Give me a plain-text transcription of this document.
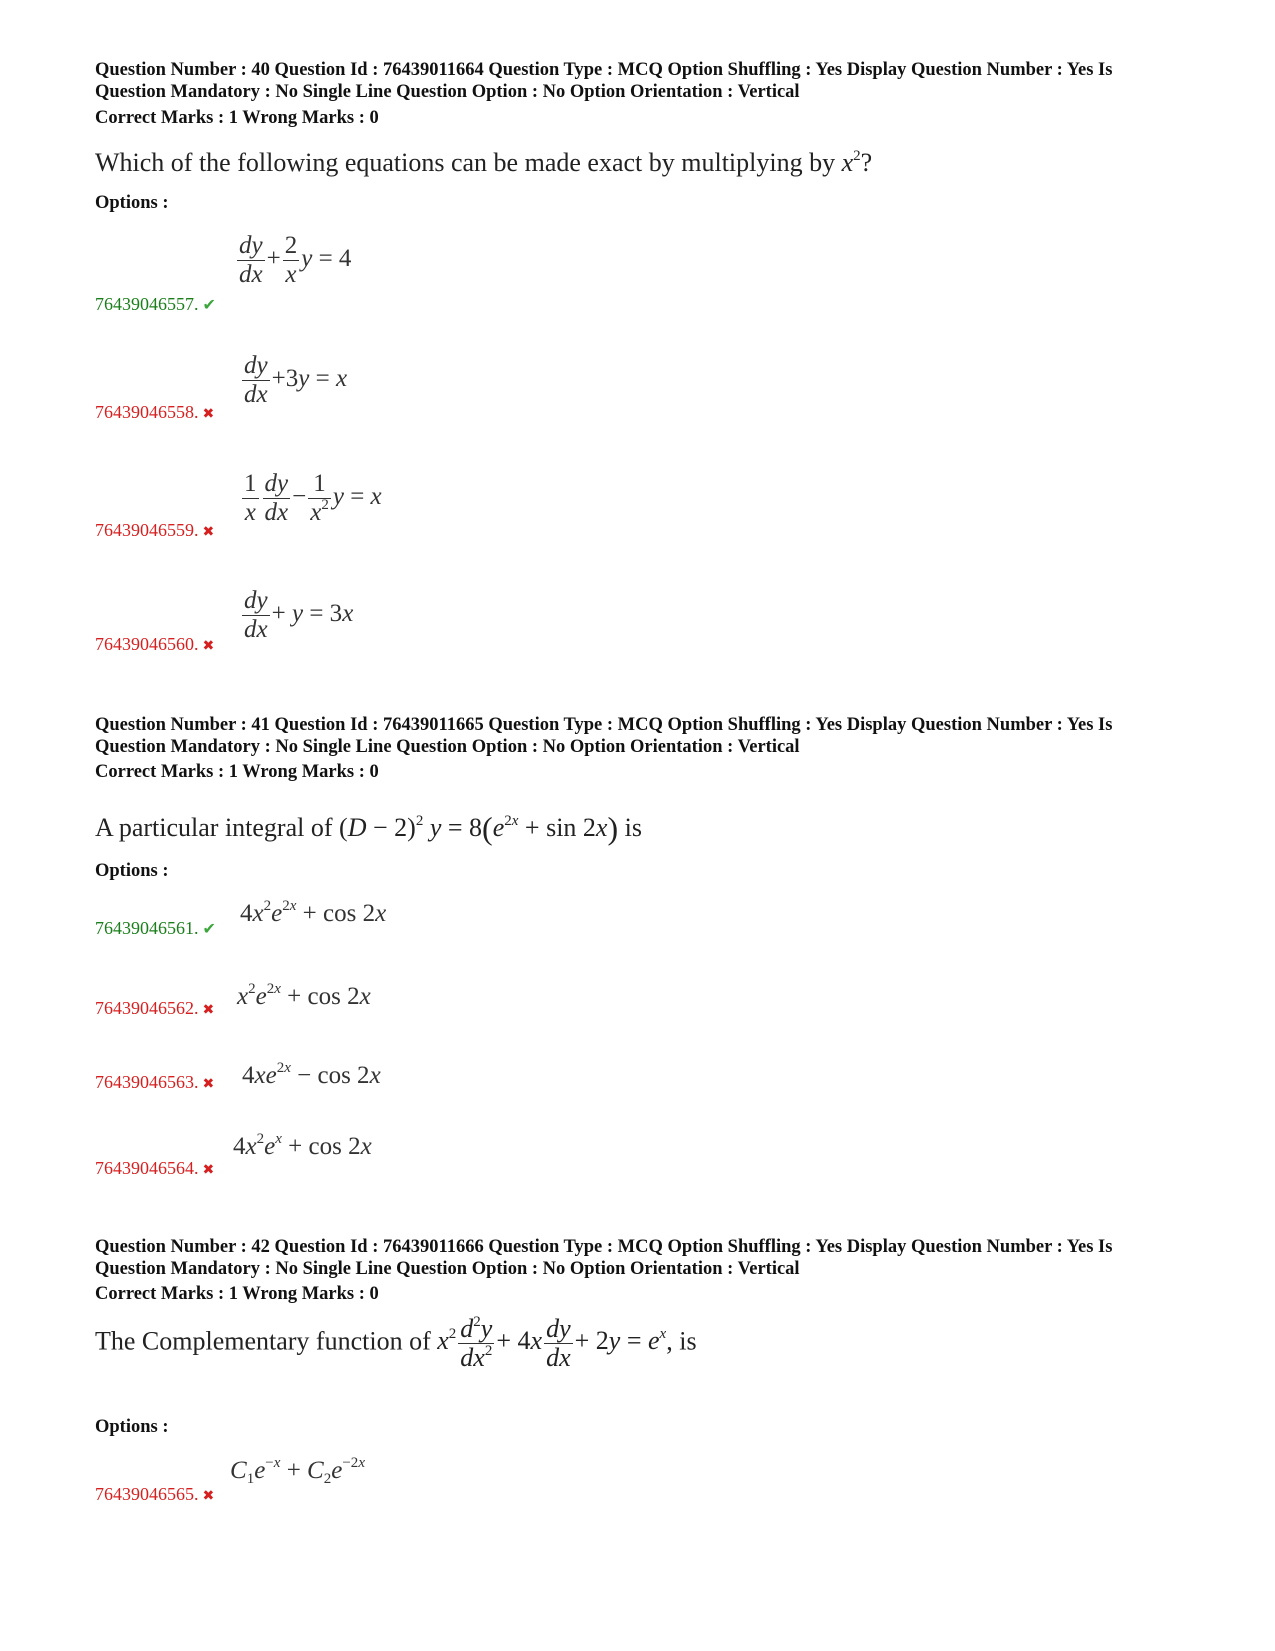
Question Number : 40 Question Id : 76439011664 Question Type : MCQ Option Shuffling : Yes Display Question Number : Yes Is
Question Mandatory : No Single Line Question Option : No Option Orientation : Vertical
Correct Marks : 1 Wrong Marks : 0
Which of the following equations can be made exact by multiplying by $x^2$?
Options :
$\frac{dy}{dx} + \frac{2}{x}$ y = 4
76439046557. ✔
$\frac{dy}{dx} +3y = x$
76439046558. ✖
$\frac{1}{x} \frac{dy}{dx} - \frac{1}{x^2}$ y = x
76439046559. ✖
$\frac{dy}{dx} + y = 3x$
76439046560. ✖
Question Number : 41 Question Id : 76439011665 Question Type : MCQ Option Shuffling : Yes Display Question Number : Yes Is
Question Mandatory : No Single Line Question Option : No Option Orientation : Vertical
Correct Marks : 1 Wrong Marks : 0
A particular integral of $(D - 2)^2$ $y = 8(e^{2x} + \sin 2x)$ is
Options :
$4x^2e^{2x} + \cos 2x$
76439046561. ✔
$x^2e^{2x} + \cos 2x$
76439046562. ✖
$4xe^{2x} - \cos 2x$
76439046563. ✖
$4x^2e^x + \cos 2x$
76439046564. ✖
Question Number : 42 Question Id : 76439011666 Question Type : MCQ Option Shuffling : Yes Display Question Number : Yes Is
Question Mandatory : No Single Line Question Option : No Option Orientation : Vertical
Correct Marks : 1 Wrong Marks : 0
The Complementary function of $x^2 \frac{d^2y}{dx^2} + 4x \frac{dy}{dx} + 2y = e^x$, is
Options :
$C_1e^{-x} + C_2e^{-2x}$
76439046565. ✖
